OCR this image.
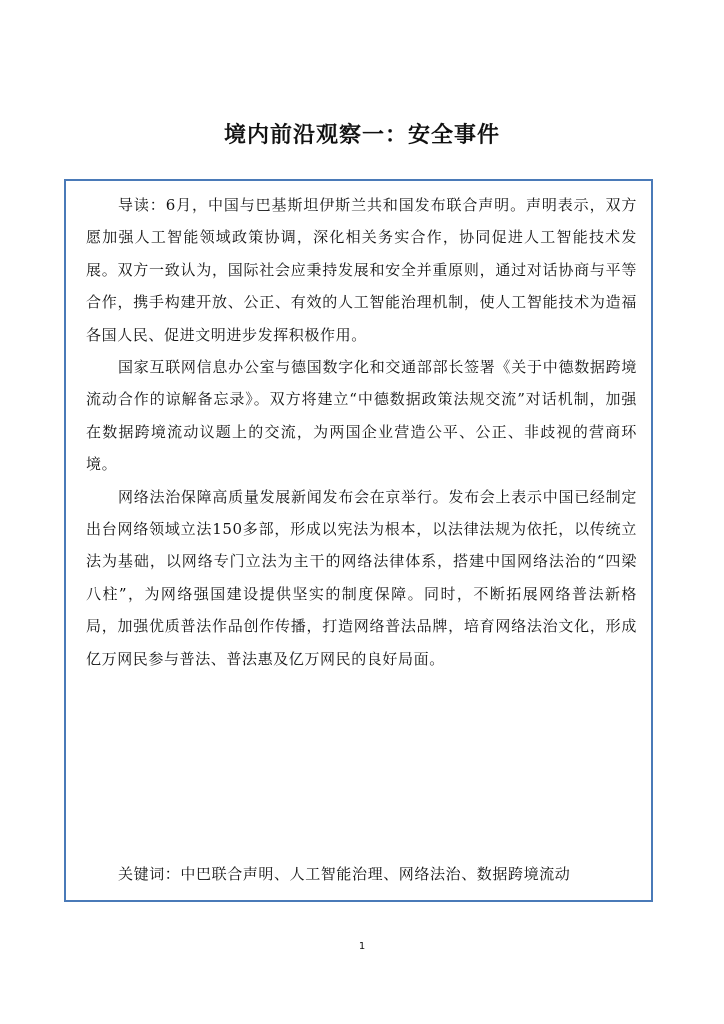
境内前沿观察一：安全事件

导读：6月，中国与巴基斯坦伊斯兰共和国发布联合声明。声明表示，双方愿加强人工智能领域政策协调，深化相关务实合作，协同促进人工智能技术发展。双方一致认为，国际社会应秉持发展和安全并重原则，通过对话协商与平等合作，携手构建开放、公正、有效的人工智能治理机制，使人工智能技术为造福各国人民、促进文明进步发挥积极作用。

国家互联网信息办公室与德国数字化和交通部部长签署《关于中德数据跨境流动合作的谅解备忘录》。双方将建立“中德数据政策法规交流”对话机制，加强在数据跨境流动议题上的交流，为两国企业营造公平、公正、非歧视的营商环境。

网络法治保障高质量发展新闻发布会在京举行。发布会上表示中国已经制定出台网络领域立法150多部，形成以宪法为根本，以法律法规为依托，以传统立法为基础，以网络专门立法为主干的网络法律体系，搭建中国网络法治的“四梁八柱”，为网络强国建设提供坚实的制度保障。同时，不断拓展网络普法新格局，加强优质普法作品创作传播，打造网络普法品牌，培育网络法治文化，形成亿万网民参与普法、普法惠及亿万网民的良好局面。

关键词：中巴联合声明、人工智能治理、网络法治、数据跨境流动

1
